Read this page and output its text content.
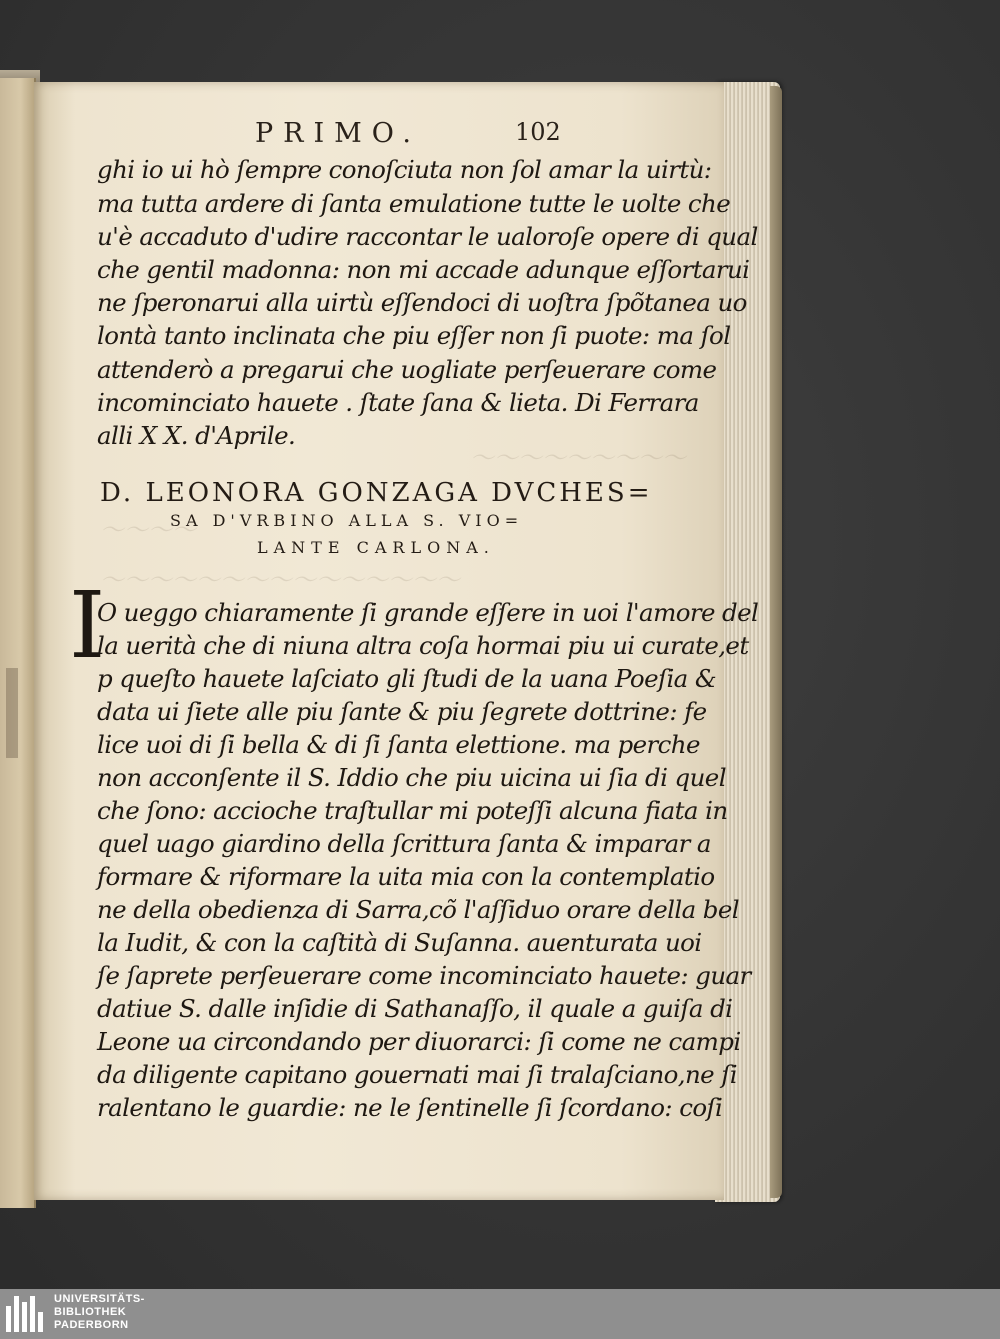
〜〜〜〜〜〜〜〜〜
〜〜〜〜
〜〜〜〜〜〜〜〜〜〜〜〜〜〜〜
PRIMO.	102
ghi io ui hò ſempre conoſciuta non ſol amar la uirtù:
ma tutta ardere di ſanta emulatione tutte le uolte che
u'è accaduto d'udire raccontar le ualoroſe opere di qual
che gentil madonna: non mi accade adunque eſſortarui
ne ſperonarui alla uirtù eſſendoci di uoſtra ſpõtanea uo
lontà tanto inclinata che piu eſſer non ſi puote: ma ſol
attenderò a pregarui che uogliate perſeuerare come
incominciato hauete . ſtate ſana & lieta. Di Ferrara
alli X X. d'Aprile.
D. LEONORA GONZAGA DVCHES=
SA D'VRBINO ALLA S. VIO=
LANTE CARLONA.
I
O ueggo chiaramente ſi grande eſſere in uoi l'amore del
la uerità che di niuna altra coſa hormai piu ui curate,et
p queſto hauete laſciato gli ſtudi de la uana Poeſia &
data ui ſiete alle piu ſante & piu ſegrete dottrine: fe
lice uoi di ſi bella & di ſi ſanta elettione. ma perche
non acconſente il S. Iddio che piu uicina ui ſia di quel
che ſono: accioche traſtullar mi poteſſi alcuna fiata in
quel uago giardino della ſcrittura ſanta & imparar a
formare & riformare la uita mia con la contemplatio
ne della obedienza di Sarra,cõ l'aſſiduo orare della bel
la Iudit, & con la caſtità di Suſanna. auenturata uoi
ſe ſaprete perſeuerare come incominciato hauete: guar
datiue S. dalle inſidie di Sathanaſſo, il quale a guiſa di
Leone ua circondando per diuorarci: ſi come ne campi
da diligente capitano gouernati mai ſi tralaſciano,ne ſi
ralentano le guardie: ne le ſentinelle ſi ſcordano: coſi
UNIVERSITÄTS-
BIBLIOTHEK
PADERBORN
